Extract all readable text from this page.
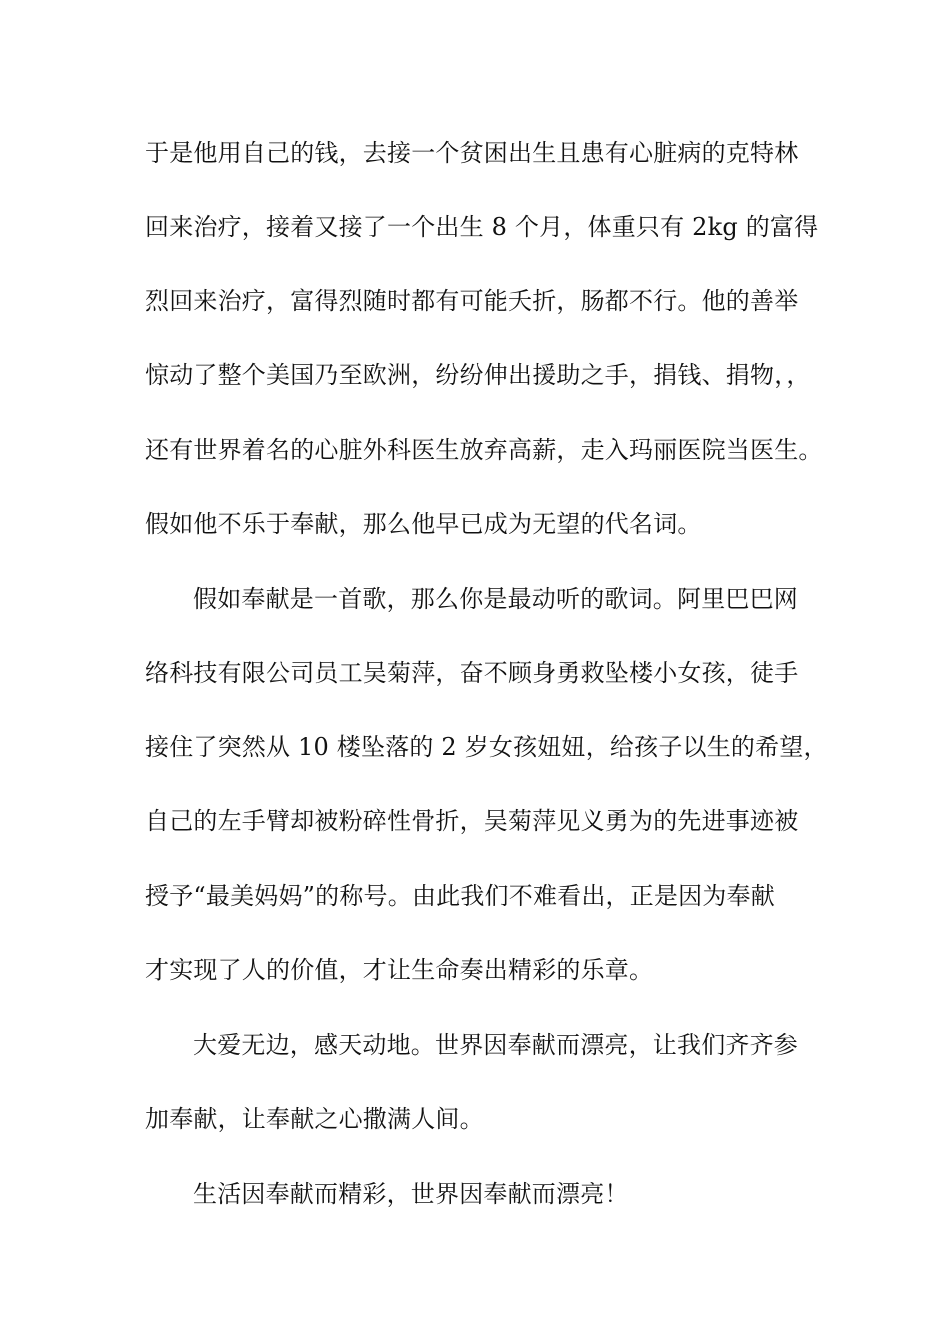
于是他用自己的钱，去接一个贫困出生且患有心脏病的克特林
回来治疗，接着又接了一个出生 8 个月，体重只有 2kg 的富得
烈回来治疗，富得烈随时都有可能夭折，肠都不行。他的善举
惊动了整个美国乃至欧洲，纷纷伸出援助之手，捐钱、捐物，，
还有世界着名的心脏外科医生放弃高薪，走入玛丽医院当医生。
假如他不乐于奉献，那么他早已成为无望的代名词。
假如奉献是一首歌，那么你是最动听的歌词。阿里巴巴网
络科技有限公司员工吴菊萍，奋不顾身勇救坠楼小女孩，徒手
接住了突然从 10 楼坠落的 2 岁女孩妞妞，给孩子以生的希望，
自己的左手臂却被粉碎性骨折，吴菊萍见义勇为的先进事迹被
授予“最美妈妈”的称号。由此我们不难看出，正是因为奉献
才实现了人的价值，才让生命奏出精彩的乐章。
大爱无边，感天动地。世界因奉献而漂亮，让我们齐齐参
加奉献，让奉献之心撒满人间。
生活因奉献而精彩，世界因奉献而漂亮！
